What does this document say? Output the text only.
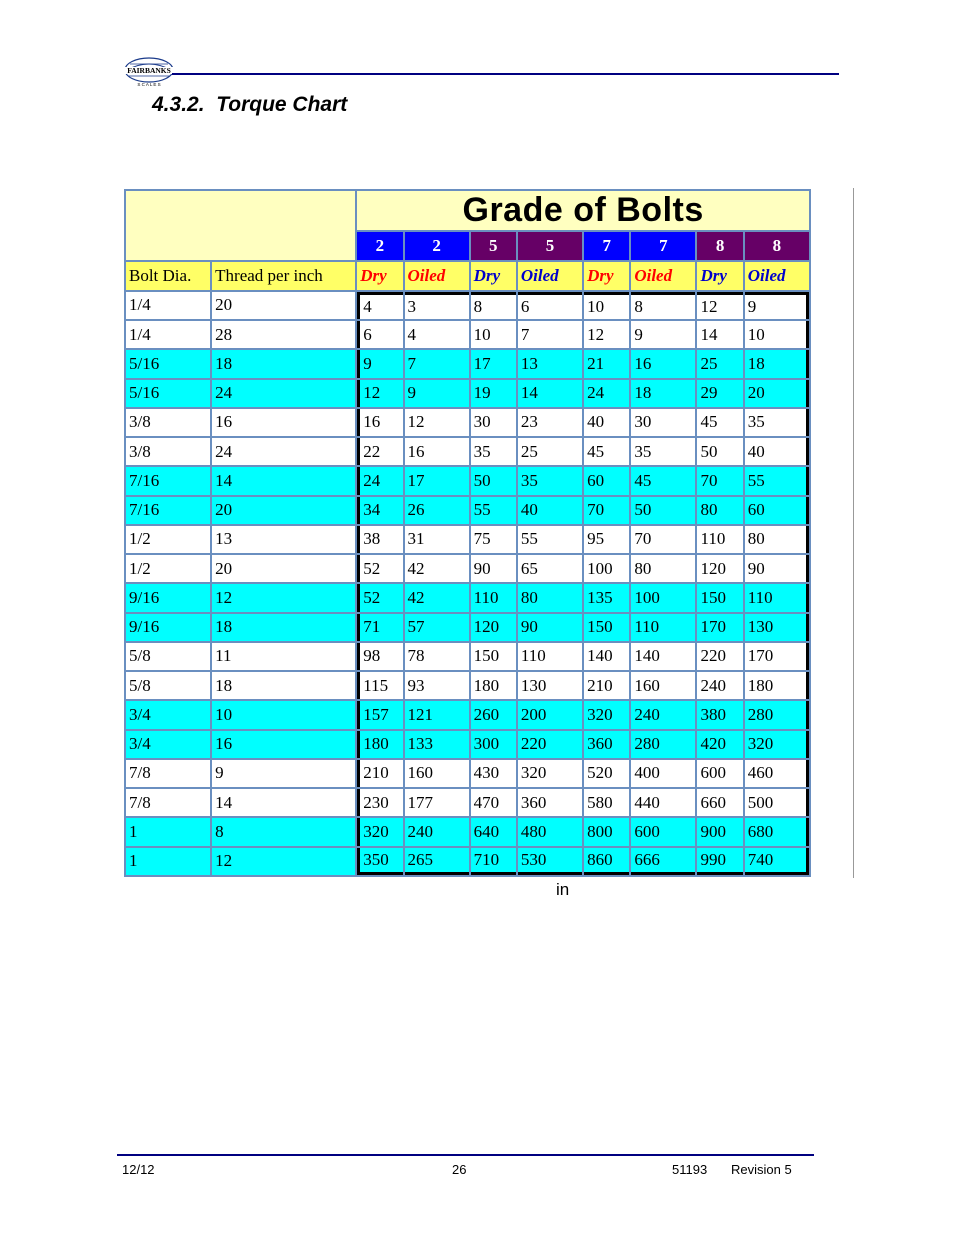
FAIRBANKS
S C A L E S
4.3.2. Torque Chart
		Grade of Bolts							
		2	2	5	5	7	7	8	8
Bolt Dia.	Thread per inch	Dry	Oiled	Dry	Oiled	Dry	Oiled	Dry	Oiled
1/4	20	4	3	8	6	10	8	12	9
1/4	28	6	4	10	7	12	9	14	10
5/16	18	9	7	17	13	21	16	25	18
5/16	24	12	9	19	14	24	18	29	20
3/8	16	16	12	30	23	40	30	45	35
3/8	24	22	16	35	25	45	35	50	40
7/16	14	24	17	50	35	60	45	70	55
7/16	20	34	26	55	40	70	50	80	60
1/2	13	38	31	75	55	95	70	110	80
1/2	20	52	42	90	65	100	80	120	90
9/16	12	52	42	110	80	135	100	150	110
9/16	18	71	57	120	90	150	110	170	130
5/8	11	98	78	150	110	140	140	220	170
5/8	18	115	93	180	130	210	160	240	180
3/4	10	157	121	260	200	320	240	380	280
3/4	16	180	133	300	220	360	280	420	320
7/8	9	210	160	430	320	520	400	600	460
7/8	14	230	177	470	360	580	440	660	500
1	8	320	240	640	480	800	600	900	680
1	12	350	265	710	530	860	666	990	740
in
12/12	26	51193 Revision 5
